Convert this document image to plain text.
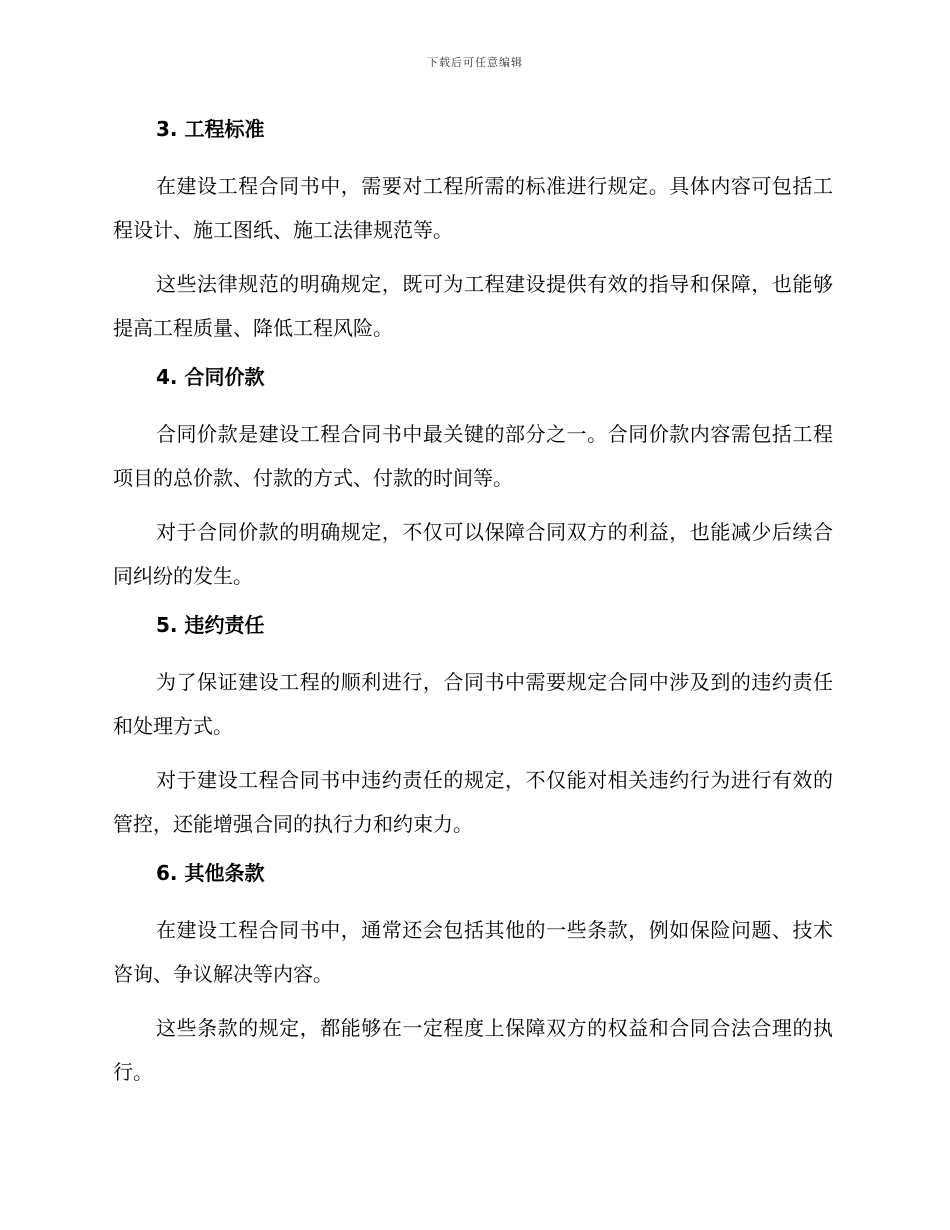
下载后可任意编辑
3. 工程标准

在建设工程合同书中，需要对工程所需的标准进行规定。具体内容可包括工程设计、施工图纸、施工法律规范等。

这些法律规范的明确规定，既可为工程建设提供有效的指导和保障，也能够提高工程质量、降低工程风险。

4. 合同价款

合同价款是建设工程合同书中最关键的部分之一。合同价款内容需包括工程项目的总价款、付款的方式、付款的时间等。

对于合同价款的明确规定，不仅可以保障合同双方的利益，也能减少后续合同纠纷的发生。

5. 违约责任

为了保证建设工程的顺利进行，合同书中需要规定合同中涉及到的违约责任和处理方式。

对于建设工程合同书中违约责任的规定，不仅能对相关违约行为进行有效的管控，还能增强合同的执行力和约束力。

6. 其他条款

在建设工程合同书中，通常还会包括其他的一些条款，例如保险问题、技术咨询、争议解决等内容。

这些条款的规定，都能够在一定程度上保障双方的权益和合同合法合理的执行。
